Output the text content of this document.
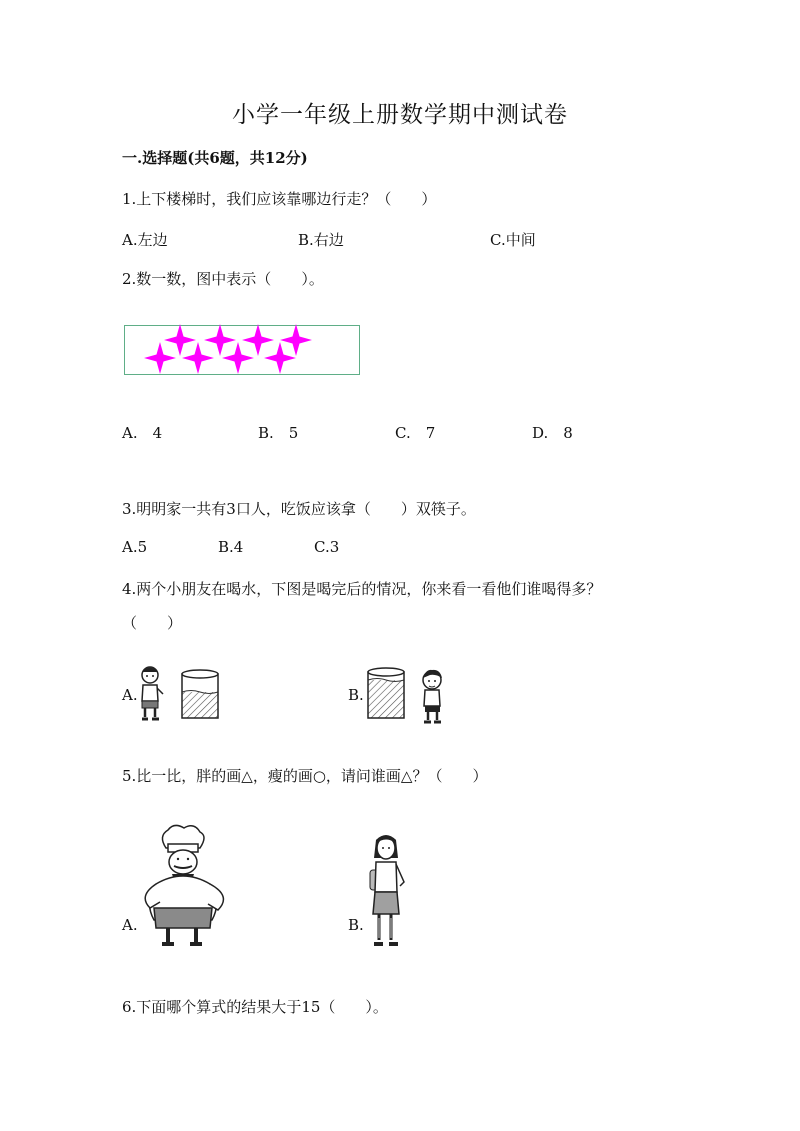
小学一年级上册数学期中测试卷
一.选择题(共6题，共12分)
1.上下楼梯时，我们应该靠哪边行走？（　　）
A.左边	B.右边	C.中间
2.数一数，图中表示（　　）。
A.　4	B.　5	C.　7	D.　8
3.明明家一共有3口人，吃饭应该拿（　　）双筷子。
A.5	B.4	C.3
4.两个小朋友在喝水，下图是喝完后的情况，你来看一看他们谁喝得多？
（　　）
A.	B.
5.比一比，胖的画△，瘦的画○，请问谁画△？（　　）
A.	B.
6.下面哪个算式的结果大于15（　　）。
